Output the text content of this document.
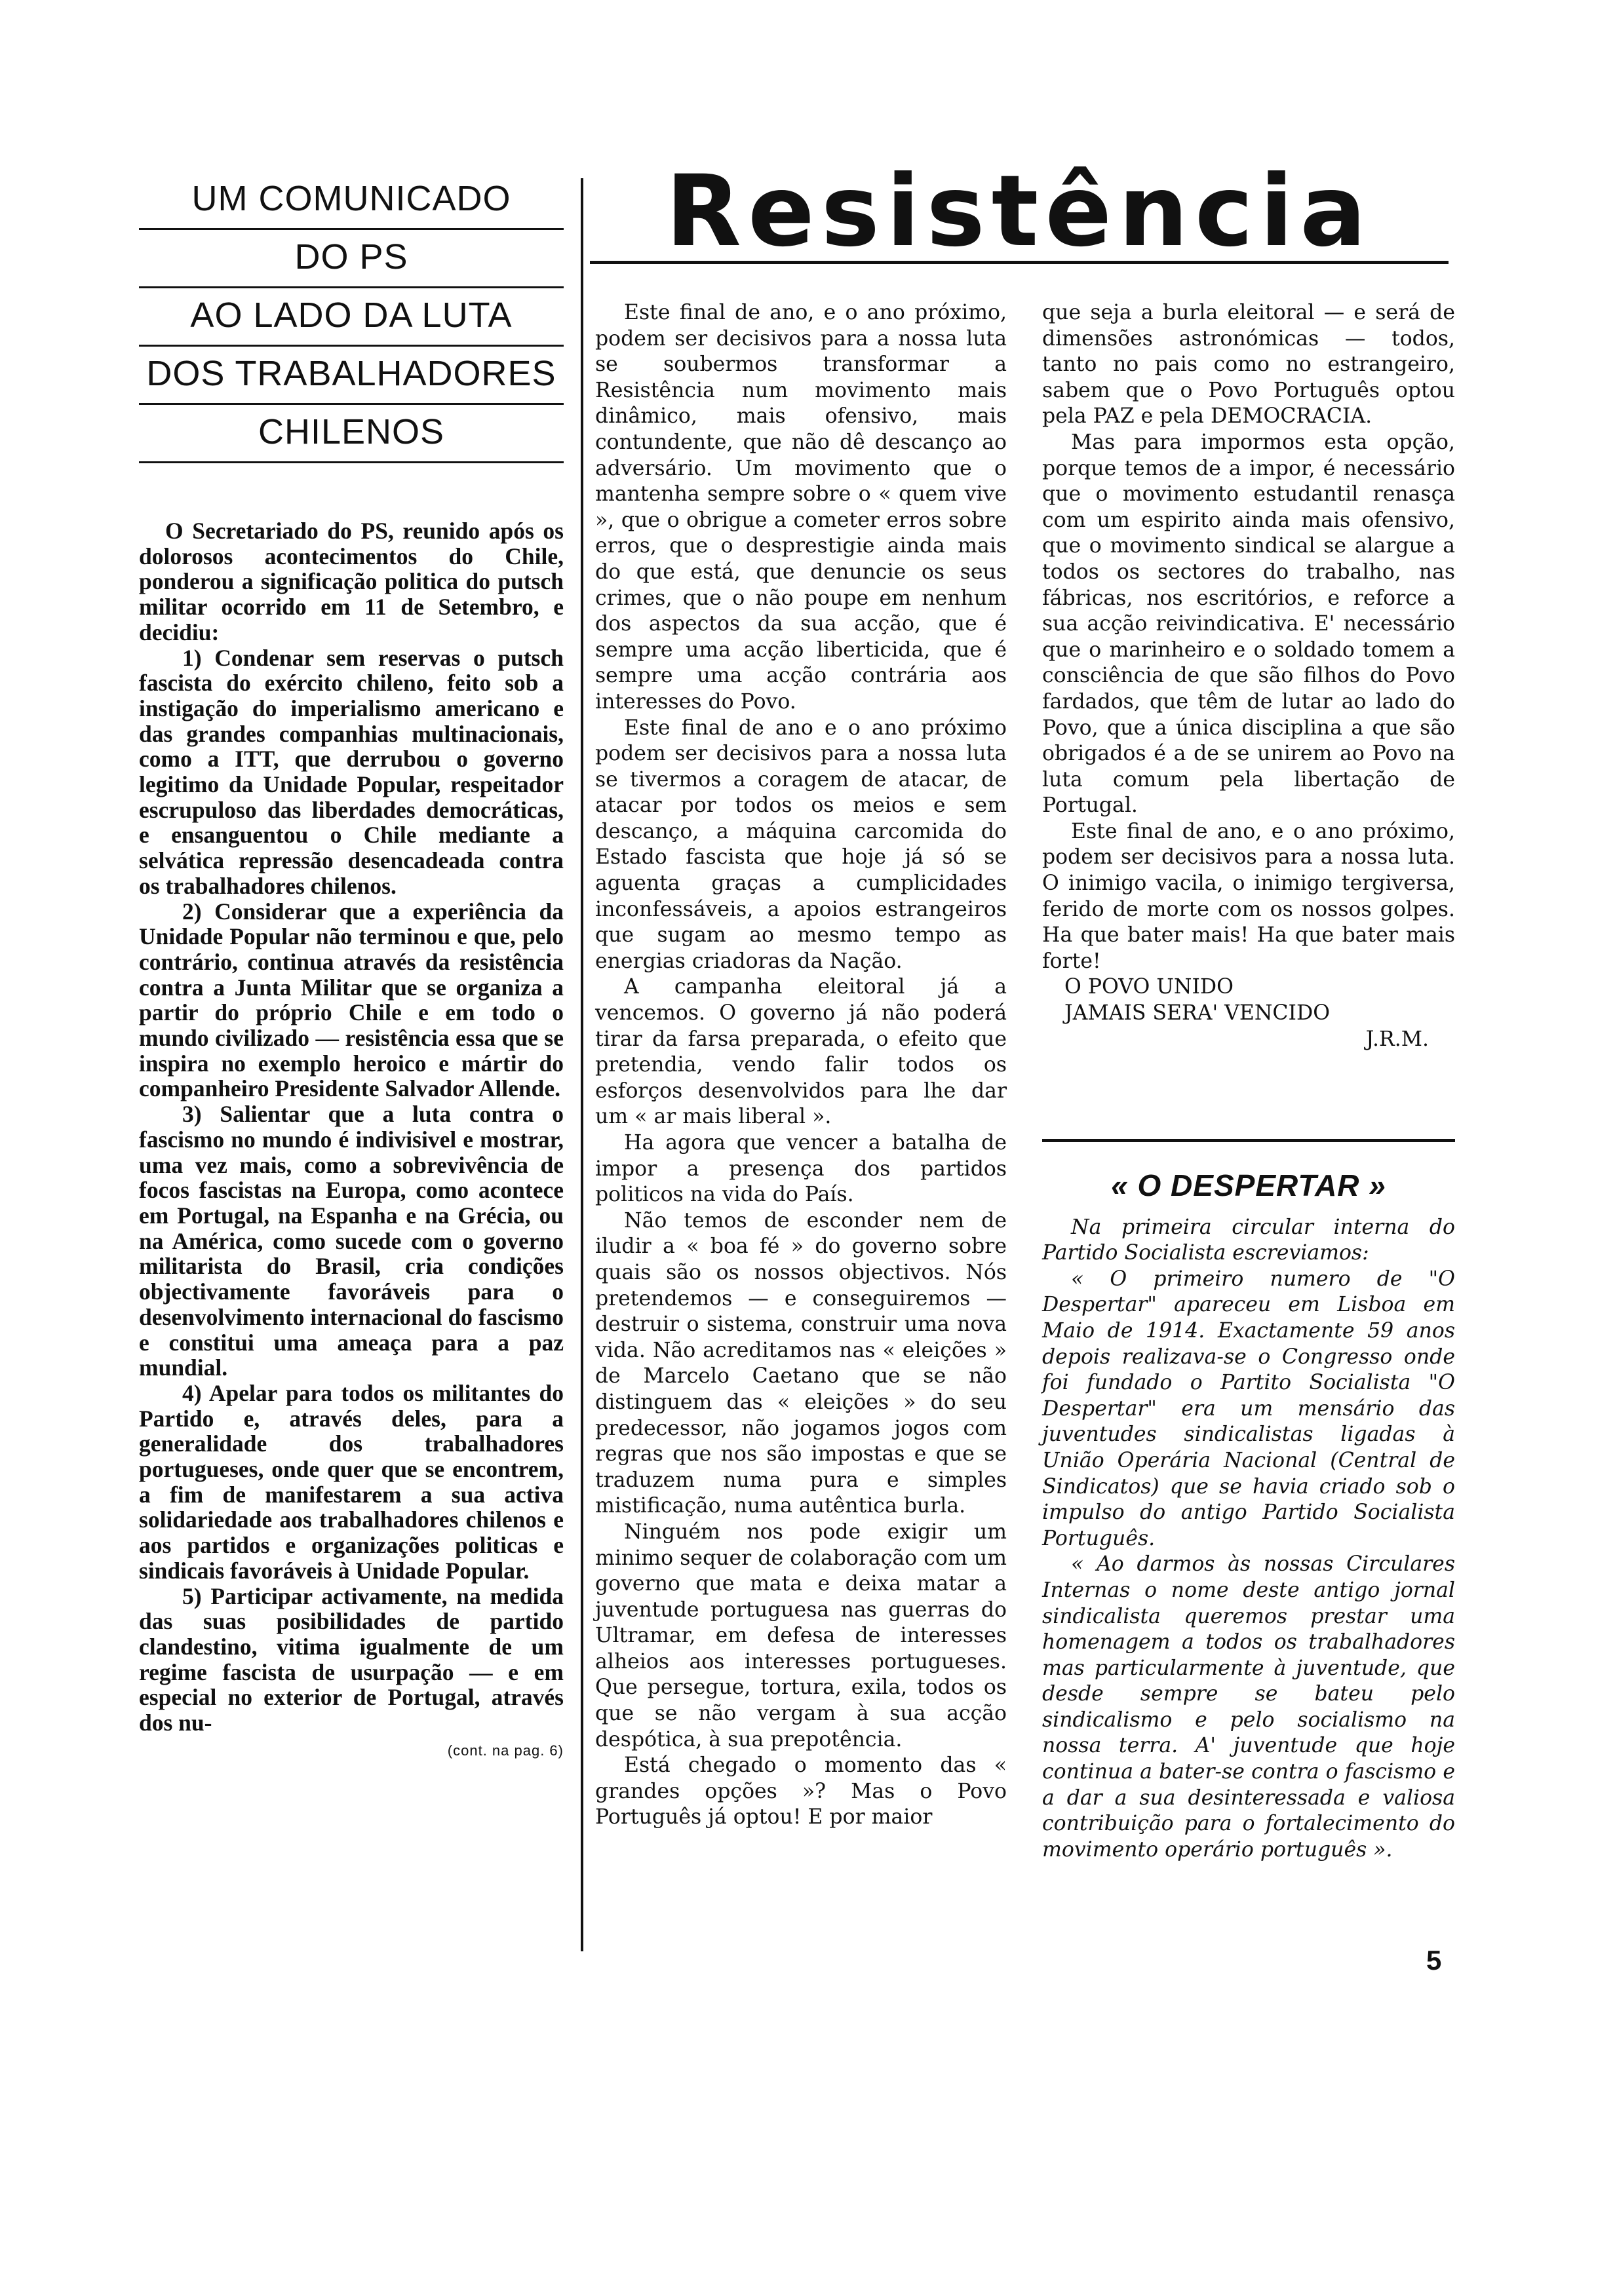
UM COMUNICADO
DO PS
AO LADO DA LUTA
DOS TRABALHADORES
CHILENOS

O Secretariado do PS, reunido após os dolorosos acontecimentos do Chile, ponderou a significação politica do putsch militar ocorrido em 11 de Setembro, e decidiu:

1) Condenar sem reservas o putsch fascista do exército chileno, feito sob a instigação do imperialismo americano e das grandes companhias multinacionais, como a ITT, que derrubou o governo legitimo da Unidade Popular, respeitador escrupuloso das liberdades democráticas, e ensanguentou o Chile mediante a selvática repressão desencadeada contra os trabalhadores chilenos.

2) Considerar que a experiência da Unidade Popular não terminou e que, pelo contrário, continua através da resistência contra a Junta Militar que se organiza a partir do próprio Chile e em todo o mundo civilizado — resistência essa que se inspira no exemplo heroico e mártir do companheiro Presidente Salvador Allende.

3) Salientar que a luta contra o fascismo no mundo é indivisivel e mostrar, uma vez mais, como a sobrevivência de focos fascistas na Europa, como acontece em Portugal, na Espanha e na Grécia, ou na América, como sucede com o governo militarista do Brasil, cria condições objectivamente favoráveis para o desenvolvimento internacional do fascismo e constitui uma ameaça para a paz mundial.

4) Apelar para todos os militantes do Partido e, através deles, para a generalidade dos trabalhadores portugueses, onde quer que se encontrem, a fim de manifestarem a sua activa solidariedade aos trabalhadores chilenos e aos partidos e organizações politicas e sindicais favoráveis à Unidade Popular.

5) Participar activamente, na medida das suas posibilidades de partido clandestino, vitima igualmente de um regime fascista de usurpação — e em especial no exterior de Portugal, através dos nu-

(cont. na pag. 6)
Resistência

Este final de ano, e o ano próximo, podem ser decisivos para a nossa luta se soubermos transformar a Resistência num movimento mais dinâmico, mais ofensivo, mais contundente, que não dê descanço ao adversário. Um movimento que o mantenha sempre sobre o « quem vive », que o obrigue a cometer erros sobre erros, que o desprestigie ainda mais do que está, que denuncie os seus crimes, que o não poupe em nenhum dos aspectos da sua acção, que é sempre uma acção liberticida, que é sempre uma acção contrária aos interesses do Povo.

Este final de ano e o ano próximo podem ser decisivos para a nossa luta se tivermos a coragem de atacar, de atacar por todos os meios e sem descanço, a máquina carcomida do Estado fascista que hoje já só se aguenta graças a cumplicidades inconfessáveis, a apoios estrangeiros que sugam ao mesmo tempo as energias criadoras da Nação.

A campanha eleitoral já a vencemos. O governo já não poderá tirar da farsa preparada, o efeito que pretendia, vendo falir todos os esforços desenvolvidos para lhe dar um « ar mais liberal ».

Ha agora que vencer a batalha de impor a presença dos partidos politicos na vida do País.

Não temos de esconder nem de iludir a « boa fé » do governo sobre quais são os nossos objectivos. Nós pretendemos — e conseguiremos — destruir o sistema, construir uma nova vida. Não acreditamos nas « eleições » de Marcelo Caetano que se não distinguem das « eleições » do seu predecessor, não jogamos jogos com regras que nos são impostas e que se traduzem numa pura e simples mistificação, numa autêntica burla.

Ninguém nos pode exigir um minimo sequer de colaboração com um governo que mata e deixa matar a juventude portuguesa nas guerras do Ultramar, em defesa de interesses alheios aos interesses portugueses. Que persegue, tortura, exila, todos os que se não vergam à sua acção despótica, à sua prepotência.

Está chegado o momento das « grandes opções »? Mas o Povo Português já optou! E por maior

que seja a burla eleitoral — e será de dimensões astronómicas — todos, tanto no pais como no estrangeiro, sabem que o Povo Português optou pela PAZ e pela DEMOCRACIA.

Mas para impormos esta opção, porque temos de a impor, é necessário que o movimento estudantil renasça com um espirito ainda mais ofensivo, que o movimento sindical se alargue a todos os sectores do trabalho, nas fábricas, nos escritórios, e reforce a sua acção reivindicativa. E' necessário que o marinheiro e o soldado tomem a consciência de que são filhos do Povo fardados, que têm de lutar ao lado do Povo, que a única disciplina a que são obrigados é a de se unirem ao Povo na luta comum pela libertação de Portugal.

Este final de ano, e o ano próximo, podem ser decisivos para a nossa luta. O inimigo vacila, o inimigo tergiversa, ferido de morte com os nossos golpes. Ha que bater mais! Ha que bater mais forte!

O POVO UNIDO

JAMAIS SERA' VENCIDO

J.R.M.

« O DESPERTAR »

Na primeira circular interna do Partido Socialista escreviamos:

« O primeiro numero de "O Despertar" apareceu em Lisboa em Maio de 1914. Exactamente 59 anos depois realizava-se o Congresso onde foi fundado o Partito Socialista "O Despertar" era um mensário das juventudes sindicalistas ligadas à União Operária Nacional (Central de Sindicatos) que se havia criado sob o impulso do antigo Partido Socialista Português.

« Ao darmos às nossas Circulares Internas o nome deste antigo jornal sindicalista queremos prestar uma homenagem a todos os trabalhadores mas particularmente à juventude, que desde sempre se bateu pelo sindicalismo e pelo socialismo na nossa terra. A' juventude que hoje continua a bater-se contra o fascismo e a dar a sua desinteressada e valiosa contribuição para o fortalecimento do movimento operário português ».

5
